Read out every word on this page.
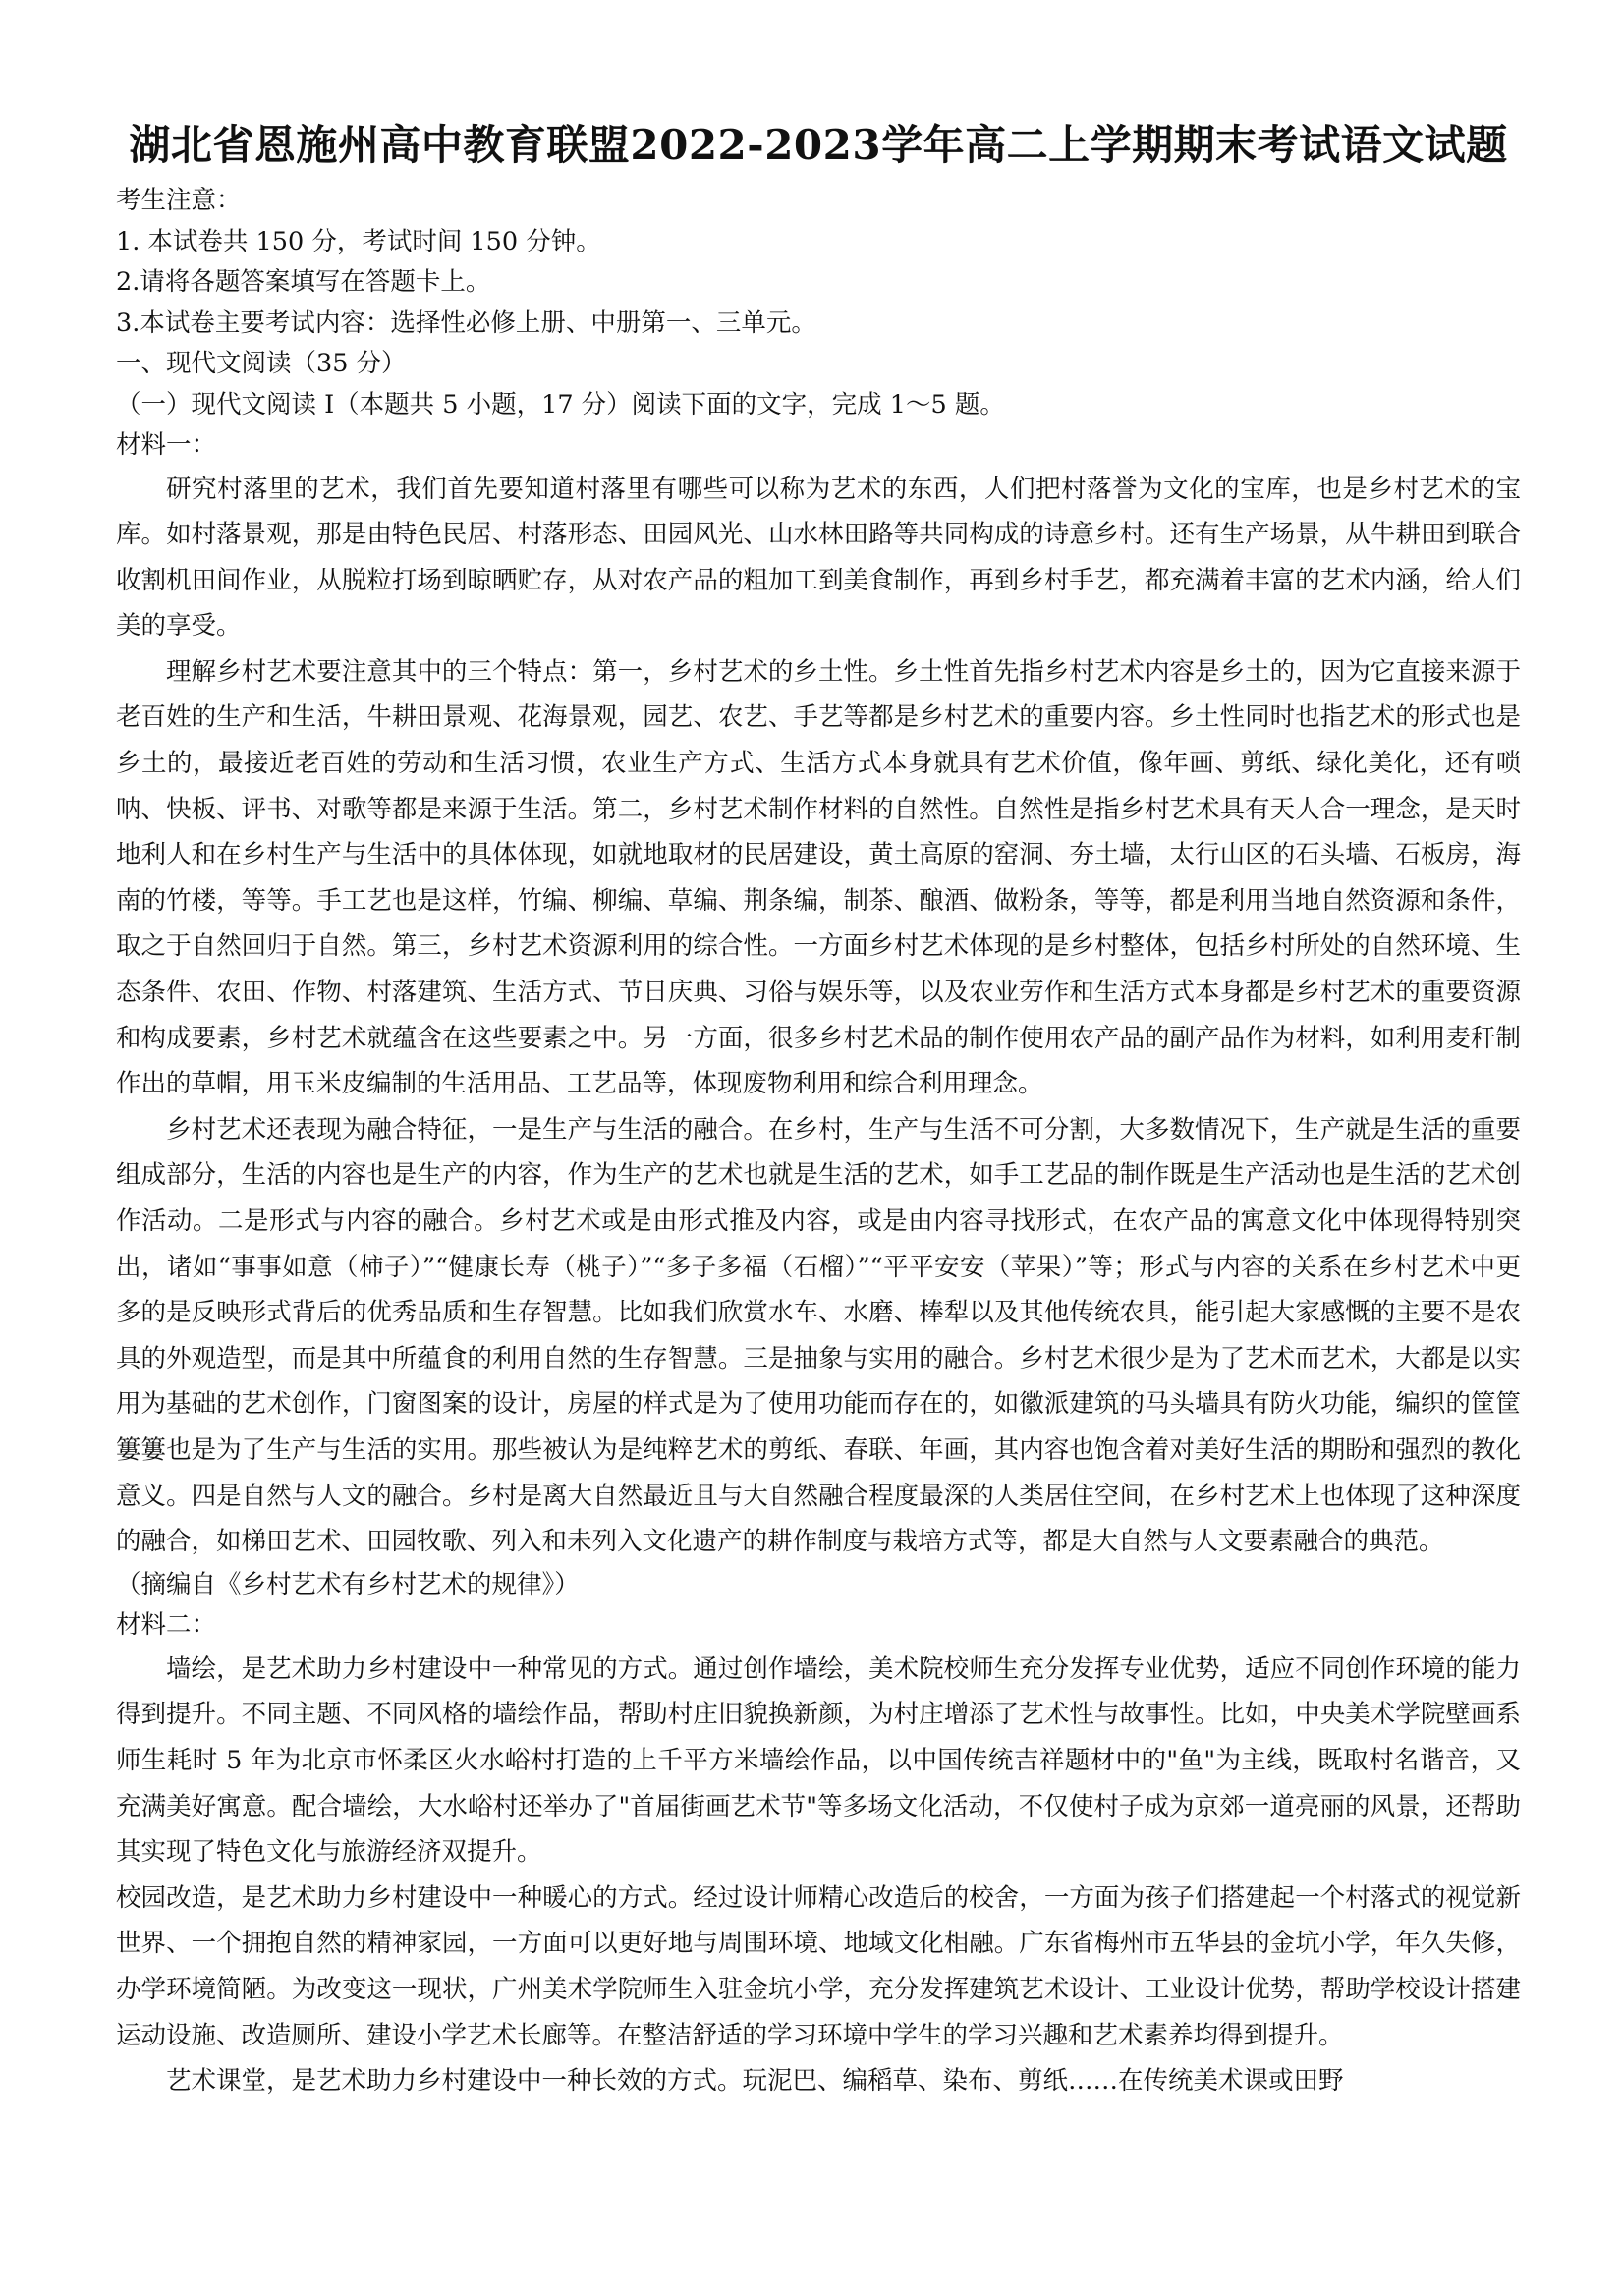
湖北省恩施州高中教育联盟2022-2023学年高二上学期期末考试语文试题

考生注意：

1. 本试卷共 150 分，考试时间 150 分钟。

2.请将各题答案填写在答题卡上。

3.本试卷主要考试内容：选择性必修上册、中册第一、三单元。

一、现代文阅读（35 分）

（一）现代文阅读 I（本题共 5 小题，17 分）阅读下面的文字，完成 1～5 题。

材料一：

研究村落里的艺术，我们首先要知道村落里有哪些可以称为艺术的东西，人们把村落誉为文化的宝库，也是乡村艺术的宝库。如村落景观，那是由特色民居、村落形态、田园风光、山水林田路等共同构成的诗意乡村。还有生产场景，从牛耕田到联合收割机田间作业，从脱粒打场到晾晒贮存，从对农产品的粗加工到美食制作，再到乡村手艺，都充满着丰富的艺术内涵，给人们美的享受。

理解乡村艺术要注意其中的三个特点：第一，乡村艺术的乡土性。乡土性首先指乡村艺术内容是乡土的，因为它直接来源于老百姓的生产和生活，牛耕田景观、花海景观，园艺、农艺、手艺等都是乡村艺术的重要内容。乡土性同时也指艺术的形式也是乡土的，最接近老百姓的劳动和生活习惯，农业生产方式、生活方式本身就具有艺术价值，像年画、剪纸、绿化美化，还有唢呐、快板、评书、对歌等都是来源于生活。第二，乡村艺术制作材料的自然性。自然性是指乡村艺术具有天人合一理念，是天时地利人和在乡村生产与生活中的具体体现，如就地取材的民居建设，黄土高原的窑洞、夯土墙，太行山区的石头墙、石板房，海南的竹楼，等等。手工艺也是这样，竹编、柳编、草编、荆条编，制茶、酿酒、做粉条，等等，都是利用当地自然资源和条件，取之于自然回归于自然。第三，乡村艺术资源利用的综合性。一方面乡村艺术体现的是乡村整体，包括乡村所处的自然环境、生态条件、农田、作物、村落建筑、生活方式、节日庆典、习俗与娱乐等，以及农业劳作和生活方式本身都是乡村艺术的重要资源和构成要素，乡村艺术就蕴含在这些要素之中。另一方面，很多乡村艺术品的制作使用农产品的副产品作为材料，如利用麦秆制作出的草帽，用玉米皮编制的生活用品、工艺品等，体现废物利用和综合利用理念。

乡村艺术还表现为融合特征，一是生产与生活的融合。在乡村，生产与生活不可分割，大多数情况下，生产就是生活的重要组成部分，生活的内容也是生产的内容，作为生产的艺术也就是生活的艺术，如手工艺品的制作既是生产活动也是生活的艺术创作活动。二是形式与内容的融合。乡村艺术或是由形式推及内容，或是由内容寻找形式，在农产品的寓意文化中体现得特别突出，诸如“事事如意（柿子）”“健康长寿（桃子）”“多子多福（石榴）”“平平安安（苹果）”等；形式与内容的关系在乡村艺术中更多的是反映形式背后的优秀品质和生存智慧。比如我们欣赏水车、水磨、棒犁以及其他传统农具，能引起大家感慨的主要不是农具的外观造型，而是其中所蕴食的利用自然的生存智慧。三是抽象与实用的融合。乡村艺术很少是为了艺术而艺术，大都是以实用为基础的艺术创作，门窗图案的设计，房屋的样式是为了使用功能而存在的，如徽派建筑的马头墙具有防火功能，编织的筐筐簍簍也是为了生产与生活的实用。那些被认为是纯粹艺术的剪纸、春联、年画，其内容也饱含着对美好生活的期盼和强烈的教化意义。四是自然与人文的融合。乡村是离大自然最近且与大自然融合程度最深的人类居住空间，在乡村艺术上也体现了这种深度的融合，如梯田艺术、田园牧歌、列入和未列入文化遗产的耕作制度与栽培方式等，都是大自然与人文要素融合的典范。

（摘编自《乡村艺术有乡村艺术的规律》）

材料二：

墙绘，是艺术助力乡村建设中一种常见的方式。通过创作墙绘，美术院校师生充分发挥专业优势，适应不同创作环境的能力得到提升。不同主题、不同风格的墙绘作品，帮助村庄旧貌换新颜，为村庄增添了艺术性与故事性。比如，中央美术学院壁画系师生耗时 5 年为北京市怀柔区火水峪村打造的上千平方米墙绘作品，以中国传统吉祥题材中的"鱼"为主线，既取村名谐音，又充满美好寓意。配合墙绘，大水峪村还举办了"首届街画艺术节"等多场文化活动，不仅使村子成为京郊一道亮丽的风景，还帮助其实现了特色文化与旅游经济双提升。

校园改造，是艺术助力乡村建设中一种暖心的方式。经过设计师精心改造后的校舍，一方面为孩子们搭建起一个村落式的视觉新世界、一个拥抱自然的精神家园，一方面可以更好地与周围环境、地域文化相融。广东省梅州市五华县的金坑小学，年久失修，办学环境简陋。为改变这一现状，广州美术学院师生入驻金坑小学，充分发挥建筑艺术设计、工业设计优势，帮助学校设计搭建运动设施、改造厕所、建设小学艺术长廊等。在整洁舒适的学习环境中学生的学习兴趣和艺术素养均得到提升。

艺术课堂，是艺术助力乡村建设中一种长效的方式。玩泥巴、编稻草、染布、剪纸……在传统美术课或田野
